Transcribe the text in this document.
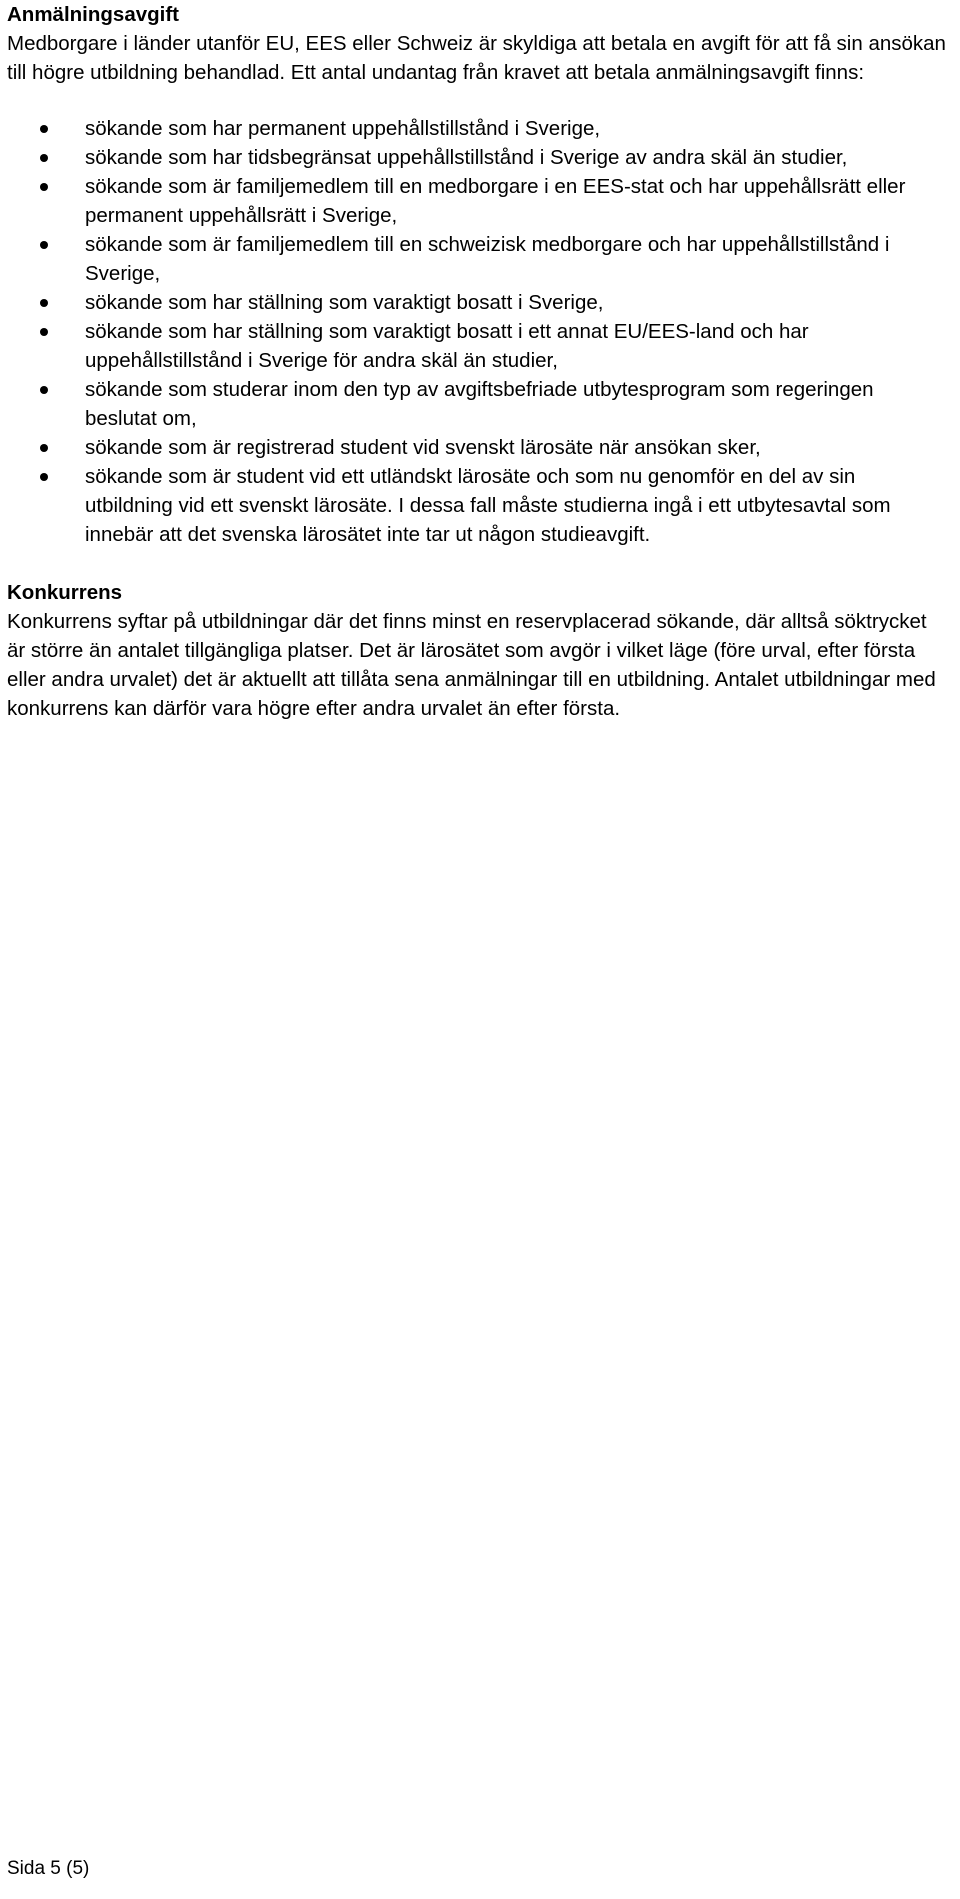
Anmälningsavgift

Medborgare i länder utanför EU, EES eller Schweiz är skyldiga att betala en avgift för att få sin ansökan till högre utbildning behandlad. Ett antal undantag från kravet att betala anmälningsavgift finns:

sökande som har permanent uppehållstillstånd i Sverige,
sökande som har tidsbegränsat uppehållstillstånd i Sverige av andra skäl än studier,
sökande som är familjemedlem till en medborgare i en EES-stat och har uppehållsrätt eller permanent uppehållsrätt i Sverige,
sökande som är familjemedlem till en schweizisk medborgare och har uppehållstillstånd i Sverige,
sökande som har ställning som varaktigt bosatt i Sverige,
sökande som har ställning som varaktigt bosatt i ett annat EU/EES-land och har uppehållstillstånd i Sverige för andra skäl än studier,
sökande som studerar inom den typ av avgiftsbefriade utbytesprogram som regeringen beslutat om,
sökande som är registrerad student vid svenskt lärosäte när ansökan sker,
sökande som är student vid ett utländskt lärosäte och som nu genomför en del av sin utbildning vid ett svenskt lärosäte. I dessa fall måste studierna ingå i ett utbytesavtal som innebär att det svenska lärosätet inte tar ut någon studieavgift.

Konkurrens

Konkurrens syftar på utbildningar där det finns minst en reservplacerad sökande, där alltså söktrycket är större än antalet tillgängliga platser. Det är lärosätet som avgör i vilket läge (före urval, efter första eller andra urvalet) det är aktuellt att tillåta sena anmälningar till en utbildning. Antalet utbildningar med konkurrens kan därför vara högre efter andra urvalet än efter första.

Sida 5 (5)
